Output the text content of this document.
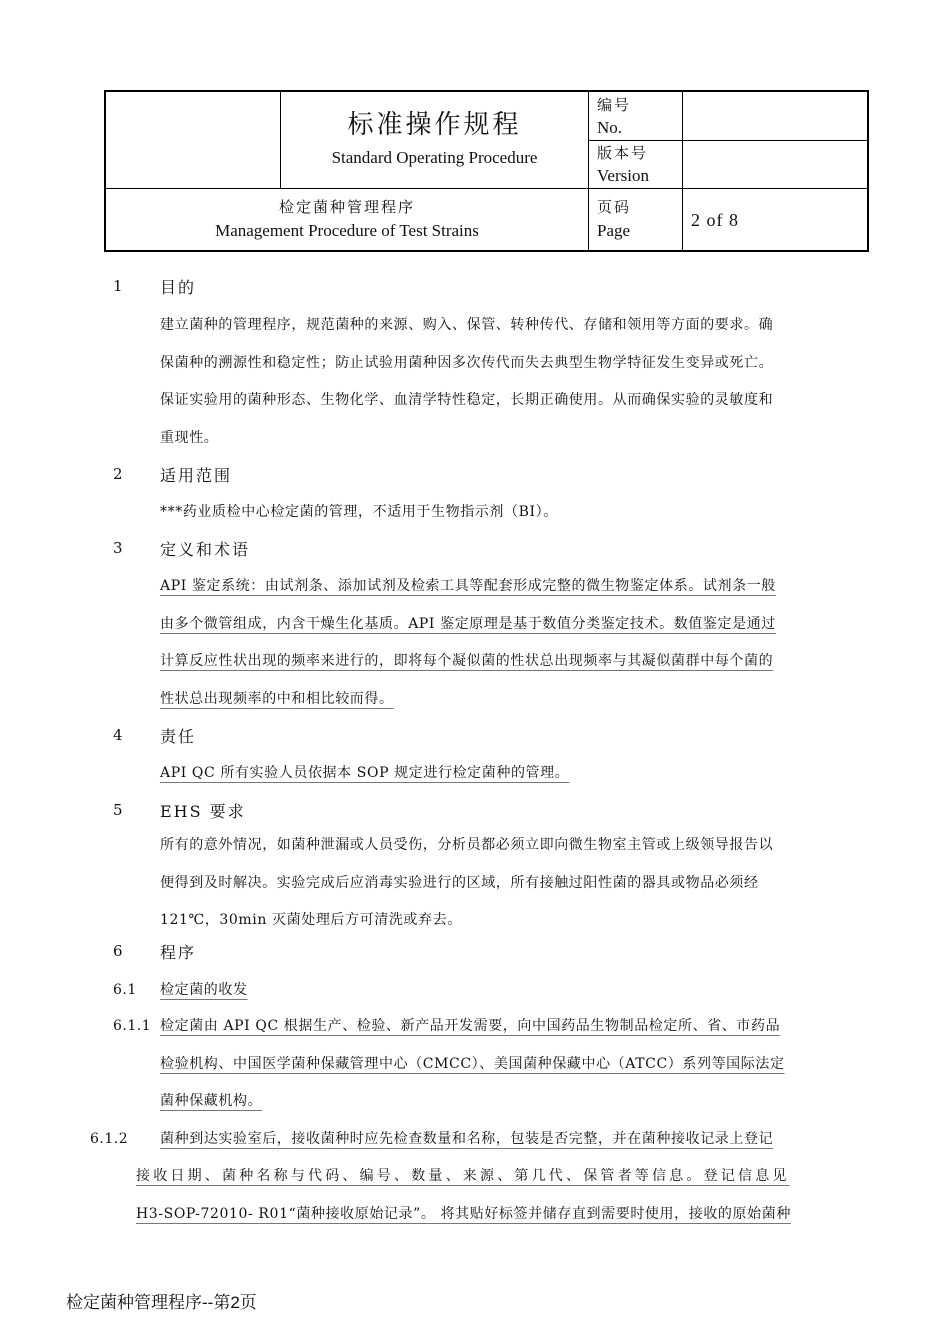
标准操作规程
Standard Operating Procedure
编号
No.
版本号
Version
检定菌种管理程序
Management Procedure of Test Strains
页码
Page
2 of 8
1 目的
建立菌种的管理程序，规范菌种的来源、购入、保管、转种传代、存储和领用等方面的要求。确
保菌种的溯源性和稳定性；防止试验用菌种因多次传代而失去典型生物学特征发生变异或死亡。
保证实验用的菌种形态、生物化学、血清学特性稳定，长期正确使用。从而确保实验的灵敏度和
重现性。
2 适用范围
***药业质检中心检定菌的管理，不适用于生物指示剂（BI）。
3 定义和术语
API 鉴定系统：由试剂条、添加试剂及检索工具等配套形成完整的微生物鉴定体系。试剂条一般
由多个微管组成，内含干燥生化基质。API 鉴定原理是基于数值分类鉴定技术。数值鉴定是通过
计算反应性状出现的频率来进行的，即将每个凝似菌的性状总出现频率与其凝似菌群中每个菌的
性状总出现频率的中和相比较而得。
4 责任
API QC 所有实验人员依据本 SOP 规定进行检定菌种的管理。
5 EHS 要求
所有的意外情况，如菌种泄漏或人员受伤，分析员都必须立即向微生物室主管或上级领导报告以
便得到及时解决。实验完成后应消毒实验进行的区域，所有接触过阳性菌的器具或物品必须经
121℃，30min 灭菌处理后方可清洗或弃去。
6 程序
6.1 检定菌的收发
6.1.1 检定菌由 API QC 根据生产、检验、新产品开发需要，向中国药品生物制品检定所、省、市药品
检验机构、中国医学菌种保藏管理中心（CMCC）、美国菌种保藏中心（ATCC）系列等国际法定
菌种保藏机构。
6.1.2 菌种到达实验室后，接收菌种时应先检查数量和名称，包装是否完整，并在菌种接收记录上登记
接收日期、菌种名称与代码、编号、数量、来源、第几代、保管者等信息。登记信息见
H3-SOP-72010- R01“菌种接收原始记录”。 将其贴好标签并储存直到需要时使用，接收的原始菌种
检定菌种管理程序--第2页
